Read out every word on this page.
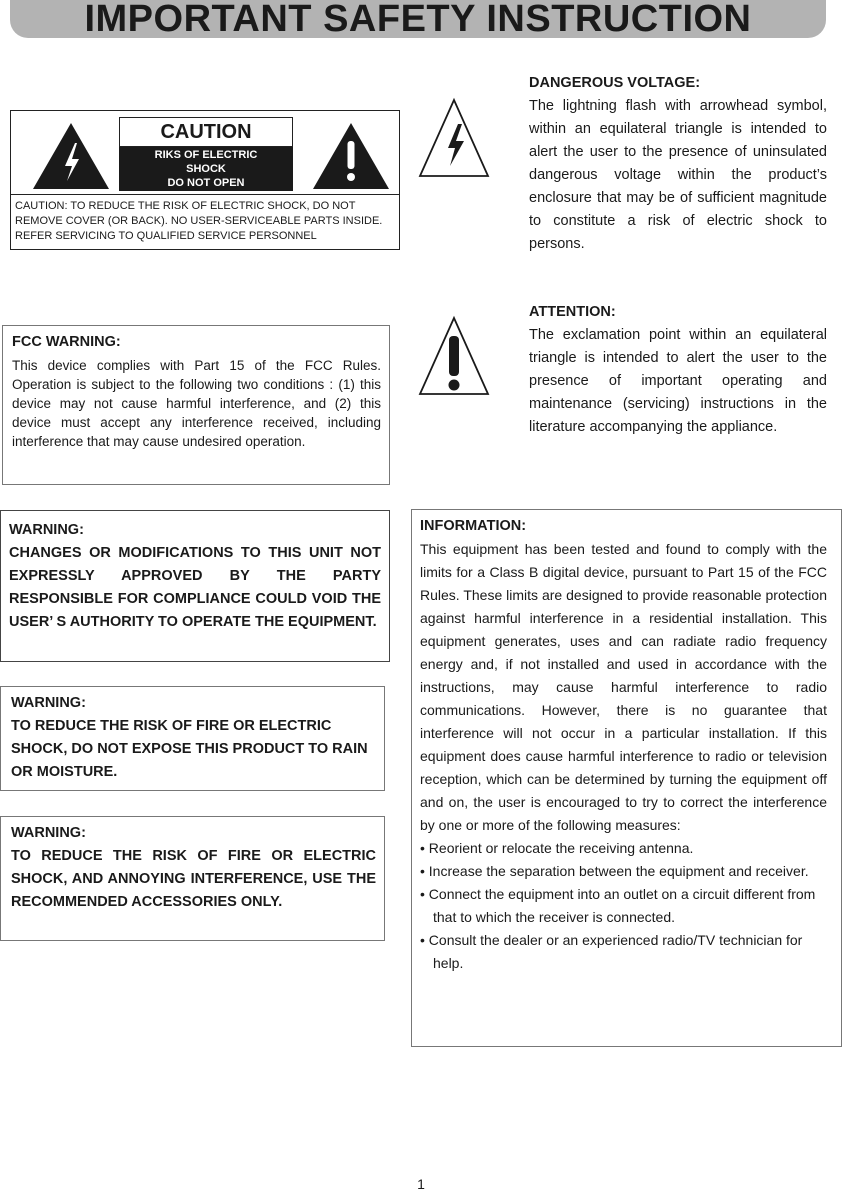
IMPORTANT SAFETY INSTRUCTION
CAUTION
RIKS OF ELECTRIC
SHOCK
DO NOT OPEN
CAUTION: TO REDUCE THE RISK OF ELECTRIC SHOCK, DO NOT REMOVE COVER (OR BACK). NO USER-SERVICEABLE PARTS INSIDE. REFER SERVICING TO QUALIFIED SERVICE PERSONNEL
DANGEROUS VOLTAGE:
The lightning flash with arrowhead symbol, within an equilateral triangle is intended to alert the user to the presence of uninsulated dangerous voltage within the product’s enclosure that may be of sufficient magnitude to constitute a risk of electric shock to persons.
ATTENTION:
The exclamation point within an equilateral triangle is intended to alert the user to the presence of important operating and maintenance (servicing) instructions in the literature accompanying the appliance.
FCC WARNING:
This device complies with Part 15 of the FCC Rules. Operation is subject to the following two conditions : (1) this device may not cause harmful interference, and (2) this device must accept any interference received, including interference that may cause undesired operation.
WARNING:
CHANGES OR MODIFICATIONS TO THIS UNIT NOT EXPRESSLY APPROVED BY THE PARTY RESPONSIBLE FOR COMPLIANCE COULD VOID THE USER’ S AUTHORITY TO OPERATE THE EQUIPMENT.
WARNING:
TO REDUCE THE RISK OF FIRE OR ELECTRIC SHOCK, DO NOT EXPOSE THIS PRODUCT TO RAIN OR MOISTURE.
WARNING:
TO REDUCE THE RISK OF FIRE OR ELECTRIC SHOCK, AND ANNOYING INTERFERENCE, USE THE RECOMMENDED ACCESSORIES ONLY.
INFORMATION:
This equipment has been tested and found to comply with the limits for a Class B digital device, pursuant to Part 15 of the FCC Rules. These limits are designed to provide reasonable protection against harmful interference in a residential installation. This equipment generates, uses and can radiate radio frequency energy and, if not installed and used in accordance with the instructions, may cause harmful interference to radio communications. However, there is no guarantee that interference will not occur in a particular installation. If this equipment does cause harmful interference to radio or television reception, which can be determined by turning the equipment off and on, the user is encouraged to try to correct the interference by one or more of the following measures:
• Reorient or relocate the receiving antenna.
• Increase the separation between the equipment and receiver.
• Connect the equipment into an outlet on a circuit different from that to which the receiver is connected.
• Consult the dealer or an experienced radio/TV technician for help.
1
